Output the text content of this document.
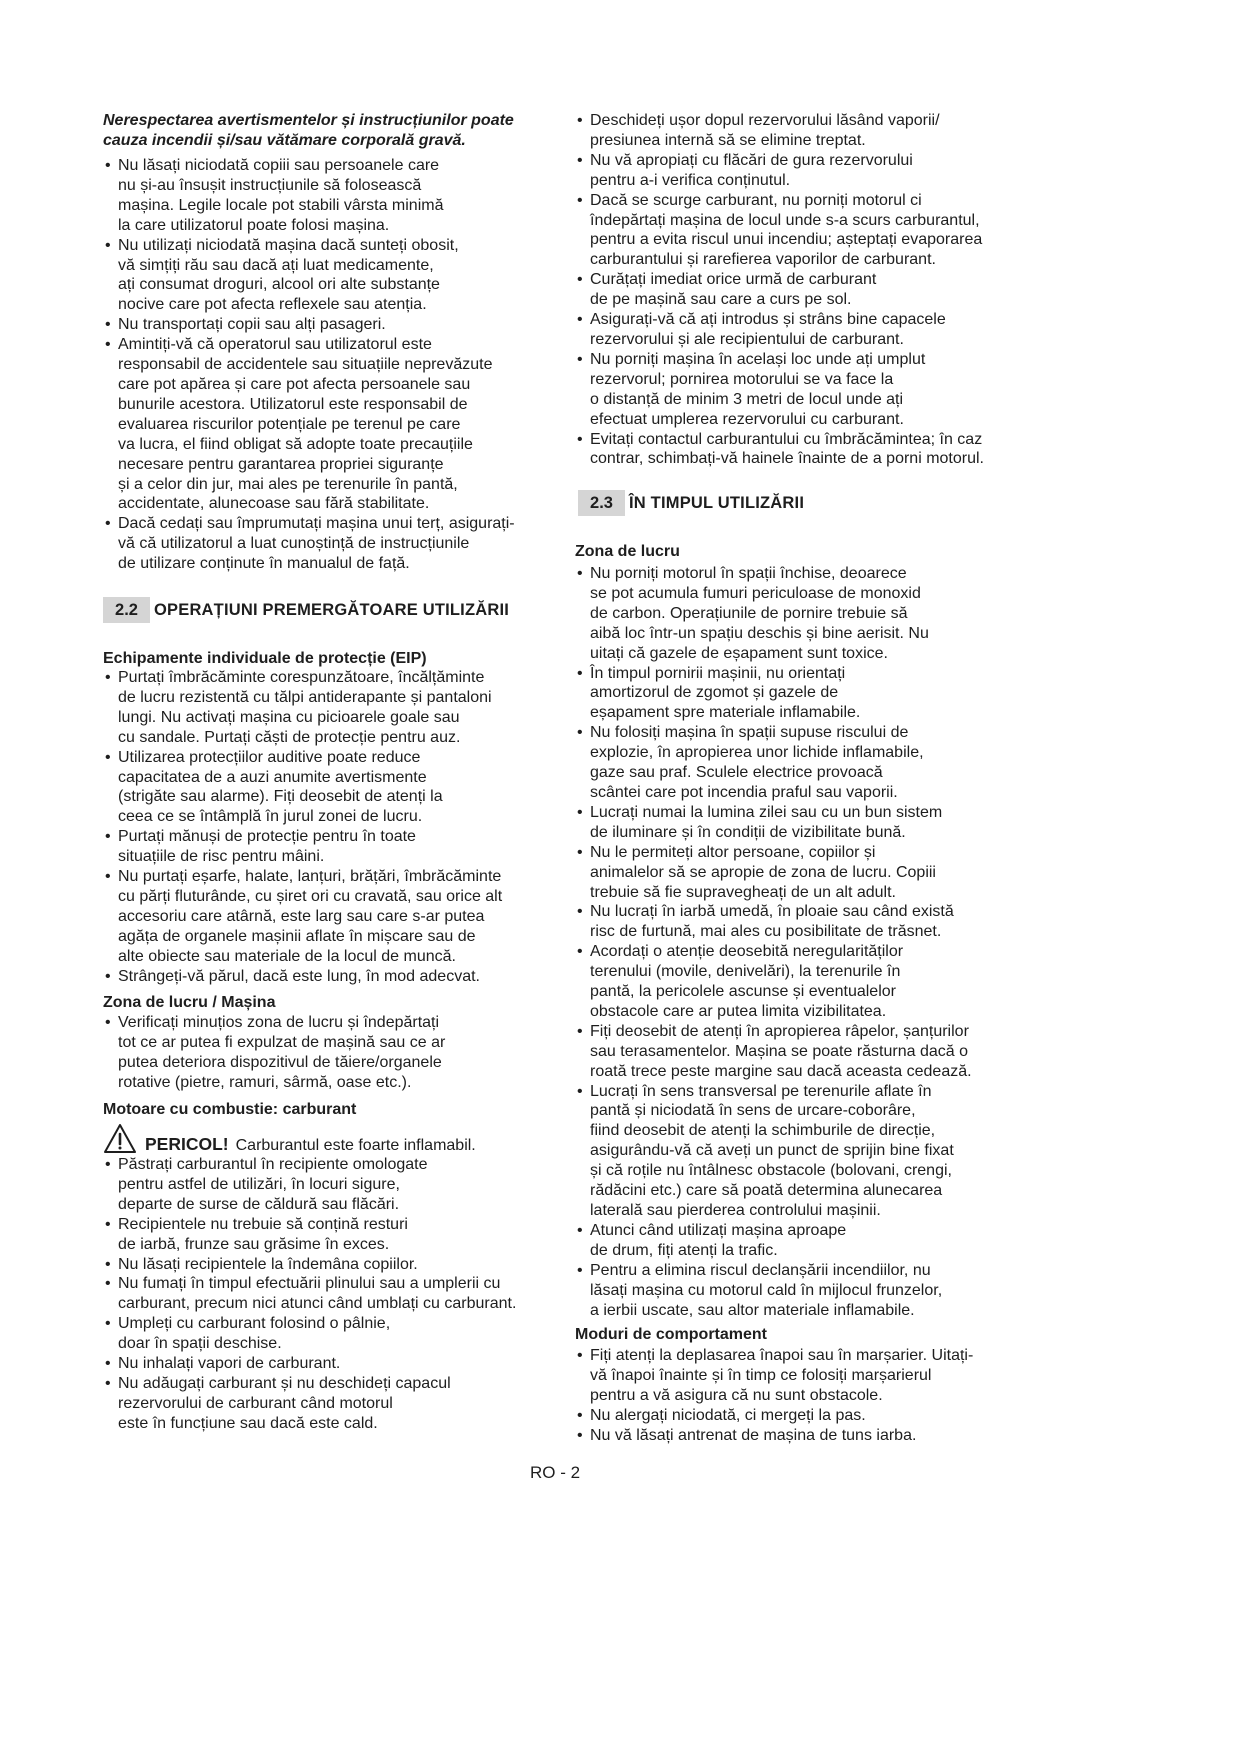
Nerespectarea avertismentelor și instrucțiunilor poate
cauza incendii și/sau vătămare corporală gravă.
•
Nu lăsați niciodată copiii sau persoanele care
nu și-au însușit instrucțiunile să folosească
mașina. Legile locale pot stabili vârsta minimă
la care utilizatorul poate folosi mașina.
•
Nu utilizați niciodată mașina dacă sunteți obosit,
vă simțiți rău sau dacă ați luat medicamente,
ați consumat droguri, alcool ori alte substanțe
nocive care pot afecta reflexele sau atenția.
•
Nu transportați copii sau alți pasageri.
•
Amintiți-vă că operatorul sau utilizatorul este
responsabil de accidentele sau situațiile neprevăzute
care pot apărea și care pot afecta persoanele sau
bunurile acestora. Utilizatorul este responsabil de
evaluarea riscurilor potențiale pe terenul pe care
va lucra, el fiind obligat să adopte toate precauțiile
necesare pentru garantarea propriei siguranțe
și a celor din jur, mai ales pe terenurile în pantă,
accidentate, alunecoase sau fără stabilitate.
•
Dacă cedați sau împrumutați mașina unui terț, asigurați-
vă că utilizatorul a luat cunoștință de instrucțiunile
de utilizare conținute în manualul de față.
2.2 OPERAȚIUNI PREMERGĂTOARE UTILIZĂRII
Echipamente individuale de protecție (EIP)
•
Purtați îmbrăcăminte corespunzătoare, încălțăminte
de lucru rezistentă cu tălpi antiderapante și pantaloni
lungi. Nu activați mașina cu picioarele goale sau
cu sandale. Purtați căști de protecție pentru auz.
•
Utilizarea protecțiilor auditive poate reduce
capacitatea de a auzi anumite avertismente
(strigăte sau alarme). Fiți deosebit de atenți la
ceea ce se întâmplă în jurul zonei de lucru.
•
Purtați mănuși de protecție pentru în toate
situațiile de risc pentru mâini.
•
Nu purtați eșarfe, halate, lanțuri, brățări, îmbrăcăminte
cu părți fluturânde, cu șiret ori cu cravată, sau orice alt
accesoriu care atârnă, este larg sau care s-ar putea
agăța de organele mașinii aflate în mișcare sau de
alte obiecte sau materiale de la locul de muncă.
•
Strângeți-vă părul, dacă este lung, în mod adecvat.
Zona de lucru / Mașina
•
Verificați minuțios zona de lucru și îndepărtați
tot ce ar putea fi expulzat de mașină sau ce ar
putea deteriora dispozitivul de tăiere/organele
rotative (pietre, ramuri, sârmă, oase etc.).
Motoare cu combustie: carburant
PERICOL! Carburantul este foarte inflamabil.
•
Păstrați carburantul în recipiente omologate
pentru astfel de utilizări, în locuri sigure,
departe de surse de căldură sau flăcări.
•
Recipientele nu trebuie să conțină resturi
de iarbă, frunze sau grăsime în exces.
•
Nu lăsați recipientele la îndemâna copiilor.
•
Nu fumați în timpul efectuării plinului sau a umplerii cu
carburant, precum nici atunci când umblați cu carburant.
•
Umpleți cu carburant folosind o pâlnie,
doar în spații deschise.
•
Nu inhalați vapori de carburant.
•
Nu adăugați carburant și nu deschideți capacul
rezervorului de carburant când motorul
este în funcțiune sau dacă este cald.
•
Deschideți ușor dopul rezervorului lăsând vaporii/
presiunea internă să se elimine treptat.
•
Nu vă apropiați cu flăcări de gura rezervorului
pentru a-i verifica conținutul.
•
Dacă se scurge carburant, nu porniți motorul ci
îndepărtați mașina de locul unde s-a scurs carburantul,
pentru a evita riscul unui incendiu; așteptați evaporarea
carburantului și rarefierea vaporilor de carburant.
•
Curățați imediat orice urmă de carburant
de pe mașină sau care a curs pe sol.
•
Asigurați-vă că ați introdus și strâns bine capacele
rezervorului și ale recipientului de carburant.
•
Nu porniți mașina în același loc unde ați umplut
rezervorul; pornirea motorului se va face la
o distanță de minim 3 metri de locul unde ați
efectuat umplerea rezervorului cu carburant.
•
Evitați contactul carburantului cu îmbrăcămintea; în caz
contrar, schimbați-vă hainele înainte de a porni motorul.
2.3 ÎN TIMPUL UTILIZĂRII
Zona de lucru
•
Nu porniți motorul în spații închise, deoarece
se pot acumula fumuri periculoase de monoxid
de carbon. Operațiunile de pornire trebuie să
aibă loc într-un spațiu deschis și bine aerisit. Nu
uitați că gazele de eșapament sunt toxice.
•
În timpul pornirii mașinii, nu orientați
amortizorul de zgomot și gazele de
eșapament spre materiale inflamabile.
•
Nu folosiți mașina în spații supuse riscului de
explozie, în apropierea unor lichide inflamabile,
gaze sau praf. Sculele electrice provoacă
scântei care pot incendia praful sau vaporii.
•
Lucrați numai la lumina zilei sau cu un bun sistem
de iluminare și în condiții de vizibilitate bună.
•
Nu le permiteți altor persoane, copiilor și
animalelor să se apropie de zona de lucru. Copiii
trebuie să fie supravegheați de un alt adult.
•
Nu lucrați în iarbă umedă, în ploaie sau când există
risc de furtună, mai ales cu posibilitate de trăsnet.
•
Acordați o atenție deosebită neregularităților
terenului (movile, denivelări), la terenurile în
pantă, la pericolele ascunse și eventualelor
obstacole care ar putea limita vizibilitatea.
•
Fiți deosebit de atenți în apropierea râpelor, șanțurilor
sau terasamentelor. Mașina se poate răsturna dacă o
roată trece peste margine sau dacă aceasta cedează.
•
Lucrați în sens transversal pe terenurile aflate în
pantă și niciodată în sens de urcare-coborâre,
fiind deosebit de atenți la schimburile de direcție,
asigurându-vă că aveți un punct de sprijin bine fixat
și că roțile nu întâlnesc obstacole (bolovani, crengi,
rădăcini etc.) care să poată determina alunecarea
laterală sau pierderea controlului mașinii.
•
Atunci când utilizați mașina aproape
de drum, fiți atenți la trafic.
•
Pentru a elimina riscul declanșării incendiilor, nu
lăsați mașina cu motorul cald în mijlocul frunzelor,
a ierbii uscate, sau altor materiale inflamabile.
Moduri de comportament
•
Fiți atenți la deplasarea înapoi sau în marșarier. Uitați-
vă înapoi înainte și în timp ce folosiți marșarierul
pentru a vă asigura că nu sunt obstacole.
•
Nu alergați niciodată, ci mergeți la pas.
•
Nu vă lăsați antrenat de mașina de tuns iarba.
RO - 2
